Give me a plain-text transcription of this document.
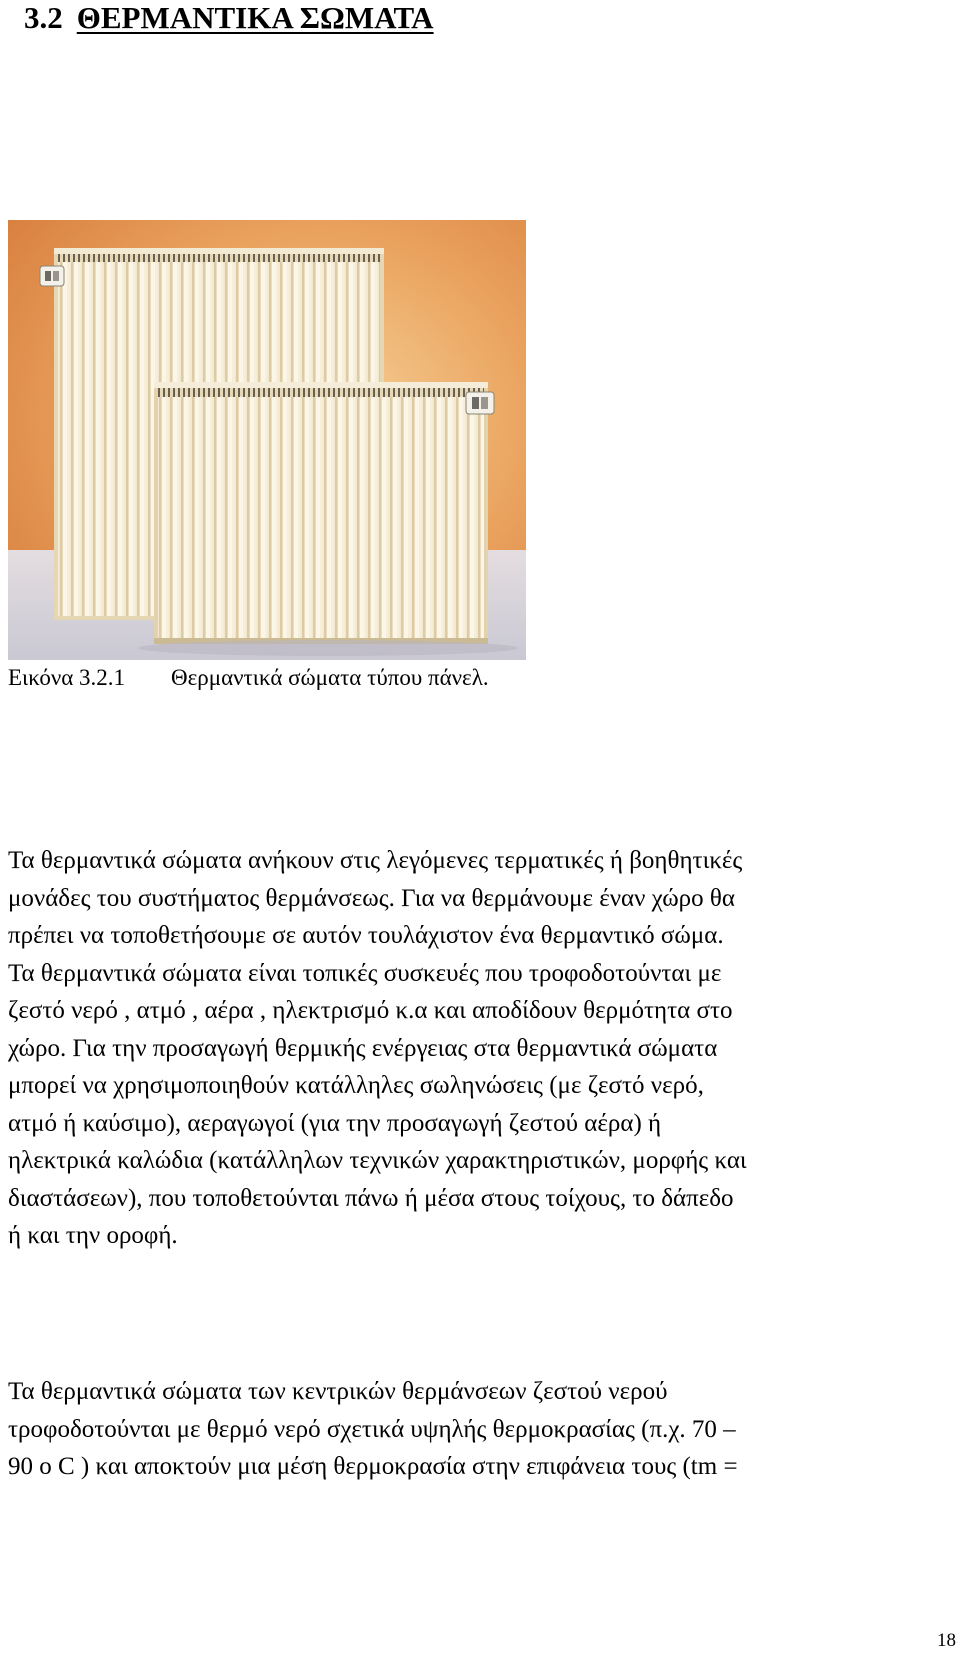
3.2 ΘΕΡΜΑΝΤΙΚΑ ΣΩΜΑΤΑ
Εικόνα 3.2.1 Θερμαντικά σώματα τύπου πάνελ.

Τα θερμαντικά σώματα ανήκουν στις λεγόμενες τερματικές ή βοηθητικές
μονάδες του συστήματος θερμάνσεως. Για να θερμάνουμε έναν χώρο θα
πρέπει να τοποθετήσουμε σε αυτόν τουλάχιστον ένα θερμαντικό σώμα.
Τα θερμαντικά σώματα είναι τοπικές συσκευές που τροφοδοτούνται με
ζεστό νερό , ατμό , αέρα , ηλεκτρισμό κ.α και αποδίδουν θερμότητα στο
χώρο. Για την προσαγωγή θερμικής ενέργειας στα θερμαντικά σώματα
μπορεί να χρησιμοποιηθούν κατάλληλες σωληνώσεις (με ζεστό νερό,
ατμό ή καύσιμο), αεραγωγοί (για την προσαγωγή ζεστού αέρα) ή
ηλεκτρικά καλώδια (κατάλληλων τεχνικών χαρακτηριστικών, μορφής και
διαστάσεων), που τοποθετούνται πάνω ή μέσα στους τοίχους, το δάπεδο
ή και την οροφή.

Τα θερμαντικά σώματα των κεντρικών θερμάνσεων ζεστού νερού
τροφοδοτούνται με θερμό νερό σχετικά υψηλής θερμοκρασίας (π.χ. 70 –
90 ο C ) και αποκτούν μια μέση θερμοκρασία στην επιφάνεια τους (tm =

18
